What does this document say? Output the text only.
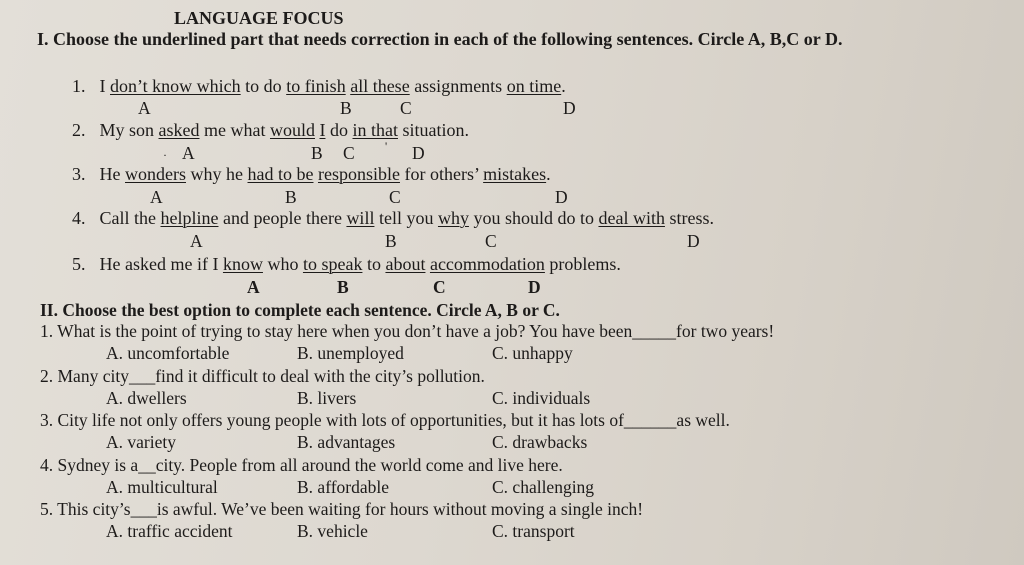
LANGUAGE FOCUS
I. Choose the underlined part that needs correction in each of the following sentences. Circle A, B,C or D.
1. I don’t know which to do to finish all these assignments on time.
A	B	C	D
2. My son asked me what would I do in that situation.
· A	B C	' D
3. He wonders why he had to be responsible for others’ mistakes.
A	B	C	D
4. Call the helpline and people there will tell you why you should do to deal with stress.
A	B	C	D
5. He asked me if I know who to speak to about accommodation problems.
A	B	C	D
II. Choose the best option to complete each sentence. Circle A, B or C.
1. What is the point of trying to stay here when you don’t have a job? You have been_____for two years!
A. uncomfortable	B. unemployed	C. unhappy
2. Many city___find it difficult to deal with the city’s pollution.
A. dwellers	B. livers	C. individuals
3. City life not only offers young people with lots of opportunities, but it has lots of______as well.
A. variety	B. advantages	C. drawbacks
4. Sydney is a__city. People from all around the world come and live here.
A. multicultural	B. affordable	C. challenging
5. This city’s___is awful. We’ve been waiting for hours without moving a single inch!
A. traffic accident	B. vehicle	C. transport
